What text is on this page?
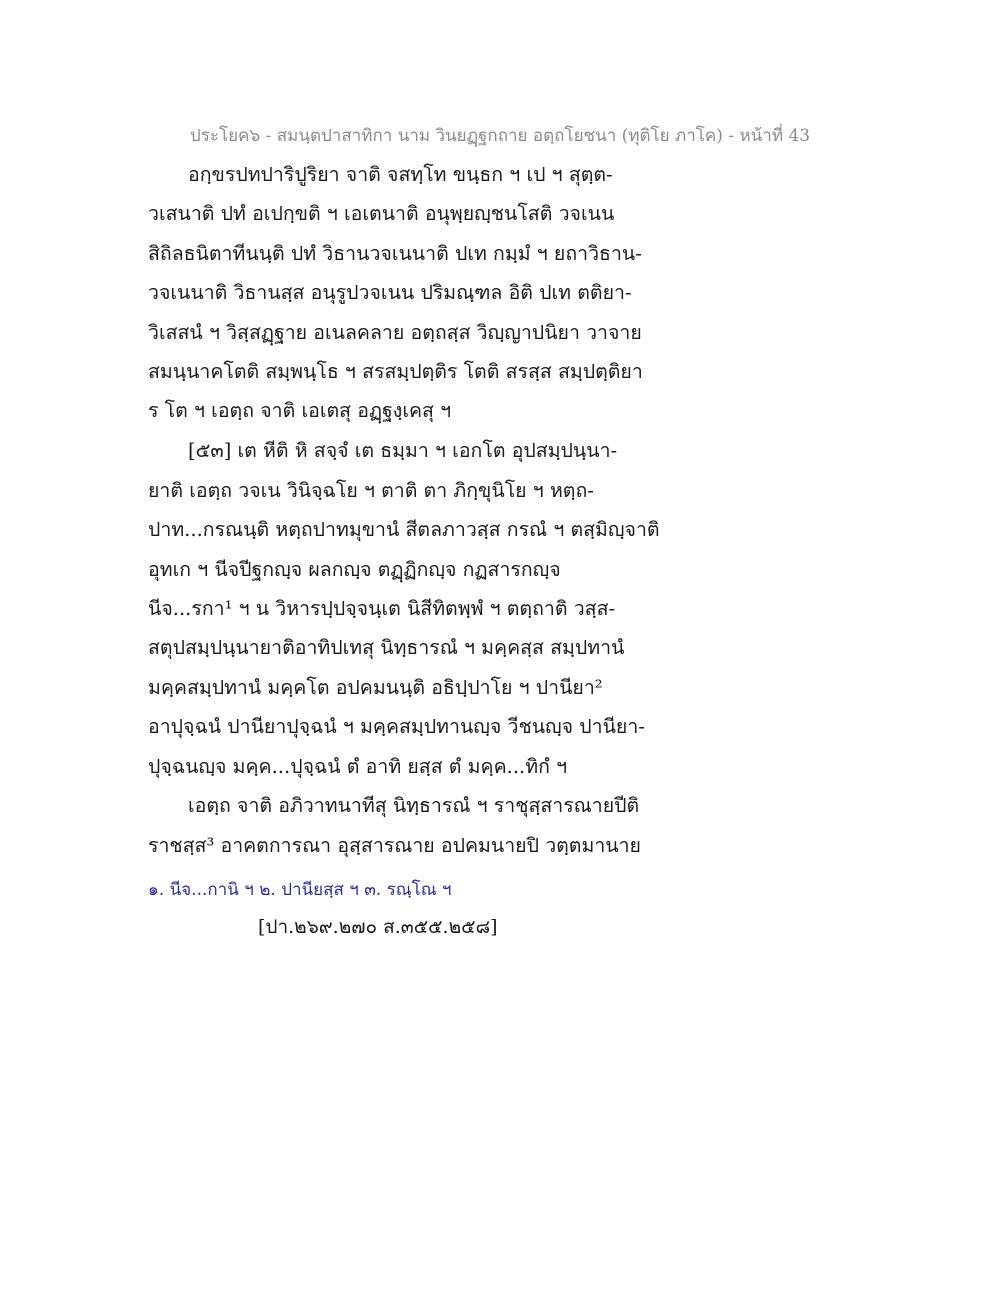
ประโยค๖ - สมนฺตปาสาทิกา นาม วินยฏฺฐกถาย อตฺถโยชนา (ทุติโย ภาโค) - หน้าที่ 43
อกฺขรปทปาริปูริยา จาติ จสทฺโท ขนฺธก ฯ เป ฯ สุตฺต-
วเสนาติ ปทํ อเปกฺขติ ฯ เอเตนาติ อนุพฺยญฺชนโสติ วจเนน
สิถิลธนิตาทีนนฺติ ปทํ วิธานวจเนนาติ ปเท กมฺมํ ฯ ยถาวิธาน-
วจเนนาติ วิธานสฺส อนุรูปวจเนน ปริมณฺฑล อิติ ปเท ตติยา-
วิเสสนํ ฯ วิสฺสฏฺฐาย อเนลคลาย อตฺถสฺส วิญฺญาปนิยา วาจาย
สมนฺนาคโตติ สมฺพนฺโธ ฯ สรสมฺปตฺติร โตติ สรสฺส สมฺปตฺติยา
ร โต ฯ เอตฺถ จาติ เอเตสุ อฏฺฐงฺเคสุ ฯ
[๕๓] เต หีติ หิ สจฺจํ เต ธมฺมา ฯ เอกโต อุปสมฺปนฺนา-
ยาติ เอตฺถ วจเน วินิจฺฉโย ฯ ตาติ ตา ภิกฺขุนิโย ฯ หตฺถ-
ปาท...กรณนฺติ หตฺถปาทมุขานํ สีตลภาวสฺส กรณํ ฯ ตสฺมิญฺจาติ
อุทเก ฯ นีจปีฐกญฺจ ผลกญฺจ ตฏฺฏิกญฺจ กฏสารกญฺจ
นีจ...รกา¹ ฯ น วิหารปฺปจฺจนฺเต นิสีทิตพฺพํ ฯ ตตฺถาติ วสฺส-
สตุปสมฺปนฺนายาติอาทิปเทสุ นิทฺธารณํ ฯ มคฺคสฺส สมฺปทานํ
มคฺคสมฺปทานํ มคฺคโต อปคมนนฺติ อธิปฺปาโย ฯ ปานียา²
อาปุจฺฉนํ ปานียาปุจฺฉนํ ฯ มคฺคสมฺปทานญฺจ วีชนญฺจ ปานียา-
ปุจฺฉนญฺจ มคฺค...ปุจฺฉนํ ตํ อาทิ ยสฺส ตํ มคฺค...ทิกํ ฯ
เอตฺถ จาติ อภิวาทนาทีสุ นิทฺธารณํ ฯ ราชุสฺสารณายปีติ
ราชสฺส³ อาคตการณา อุสฺสารณาย อปคมนายปิ วตฺตมานาย
๑. นีจ...กานิ ฯ ๒. ปานียสฺส ฯ ๓. รณฺโณ ฯ
[ปา.๒๖๙.๒๗๐ ส.๓๕๕.๒๕๘]
